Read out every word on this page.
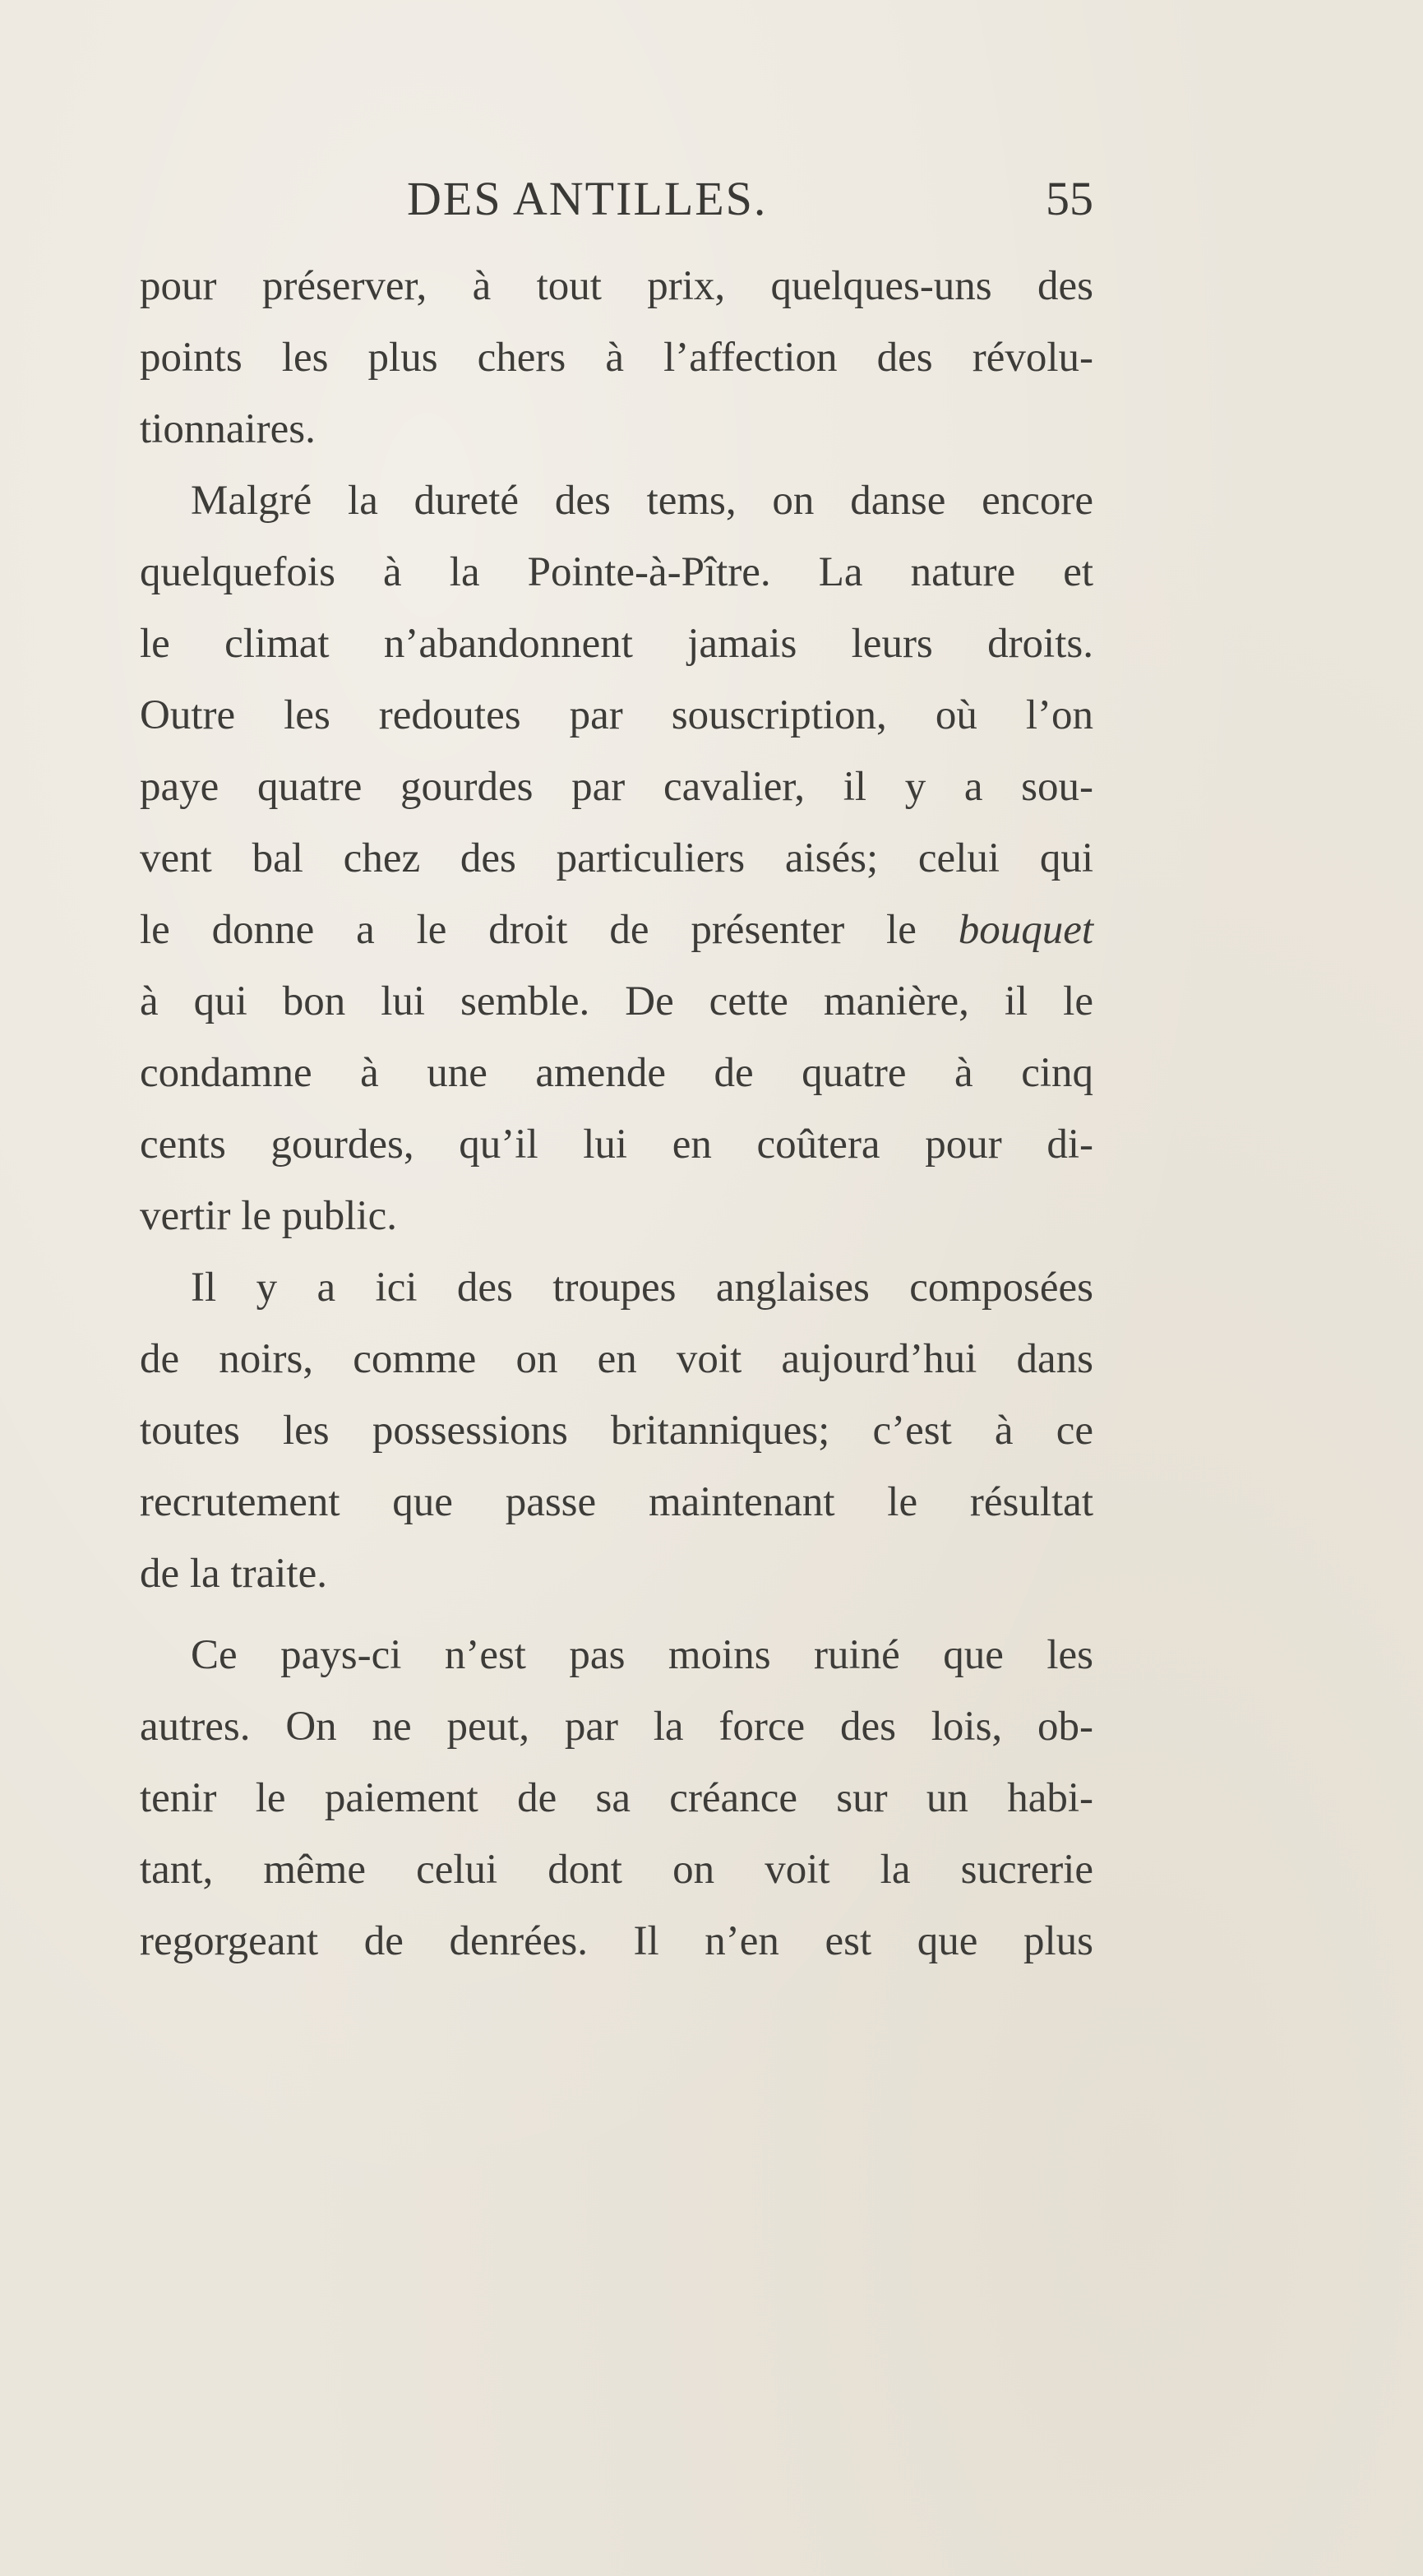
DES ANTILLES.	55
pour préserver, à tout prix, quelques-uns des
points les plus chers à l’affection des révolu-
tionnaires.
Malgré la dureté des tems, on danse encore
quelquefois à la Pointe-à-Pître. La nature et
le climat n’abandonnent jamais leurs droits.
Outre les redoutes par souscription, où l’on
paye quatre gourdes par cavalier, il y a sou-
vent bal chez des particuliers aisés; celui qui
le donne a le droit de présenter le bouquet
à qui bon lui semble. De cette manière, il le
condamne à une amende de quatre à cinq
cents gourdes, qu’il lui en coûtera pour di-
vertir le public.
Il y a ici des troupes anglaises composées
de noirs, comme on en voit aujourd’hui dans
toutes les possessions britanniques; c’est à ce
recrutement que passe maintenant le résultat
de la traite.
Ce pays-ci n’est pas moins ruiné que les
autres. On ne peut, par la force des lois, ob-
tenir le paiement de sa créance sur un habi-
tant, même celui dont on voit la sucrerie
regorgeant de denrées. Il n’en est que plus
